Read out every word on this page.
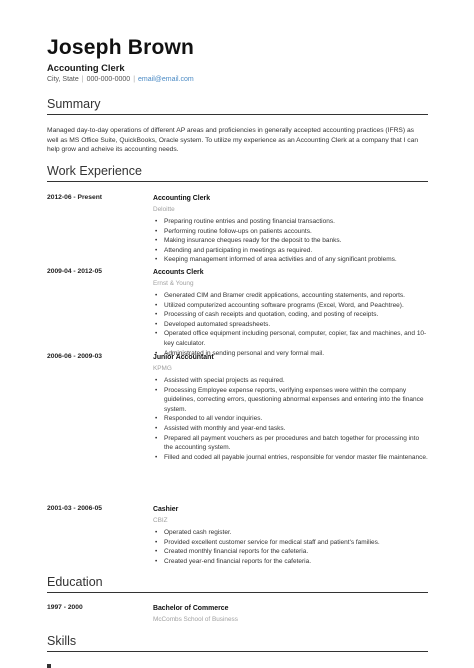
Joseph Brown
Accounting Clerk
City, State | 000-000-0000 | email@email.com
Summary
Managed day-to-day operations of different AP areas and proficiencies in generally accepted accounting practices (IFRS) as well as MS Office Suite, QuickBooks, Oracle system. To utilize my experience as an Accounting Clerk at a company that I can help grow and acheive its accounting needs.
Work Experience
2012-06 - Present	Accounting Clerk
Deloitte
• Preparing routine entries and posting financial transactions.
• Performing routine follow-ups on patients accounts.
• Making insurance cheques ready for the deposit to the banks.
• Attending and participating in meetings as required.
• Keeping management informed of area activities and of any significant problems.
2009-04 - 2012-05	Accounts Clerk
Ernst & Young
• Generated CIM and Bramer credit applications, accounting statements, and reports.
• Utilized computerized accounting software programs (Excel, Word, and Peachtree).
• Processing of cash receipts and quotation, coding, and posting of receipts.
• Developed automated spreadsheets.
• Operated office equipment including personal, computer, copier, fax and machines, and 10-key calculator.
• Administrated in sending personal and very formal mail.
2006-06 - 2009-03	Junior Accountant
KPMG
• Assisted with special projects as required.
• Processing Employee expense reports, verifying expenses were within the company guidelines, correcting errors, questioning abnormal expenses and entering into the finance system.
• Responded to all vendor inquiries.
• Assisted with monthly and year-end tasks.
• Prepared all payment vouchers as per procedures and batch together for processing into the accounting system.
• Filled and coded all payable journal entries, responsible for vendor master file maintenance.
2001-03 - 2006-05	Cashier
CBIZ
• Operated cash register.
• Provided excellent customer service for medical staff and patient's families.
• Created monthly financial reports for the cafeteria.
• Created year-end financial reports for the cafeteria.
Education
1997 - 2000	Bachelor of Commerce
McCombs School of Business
Skills
